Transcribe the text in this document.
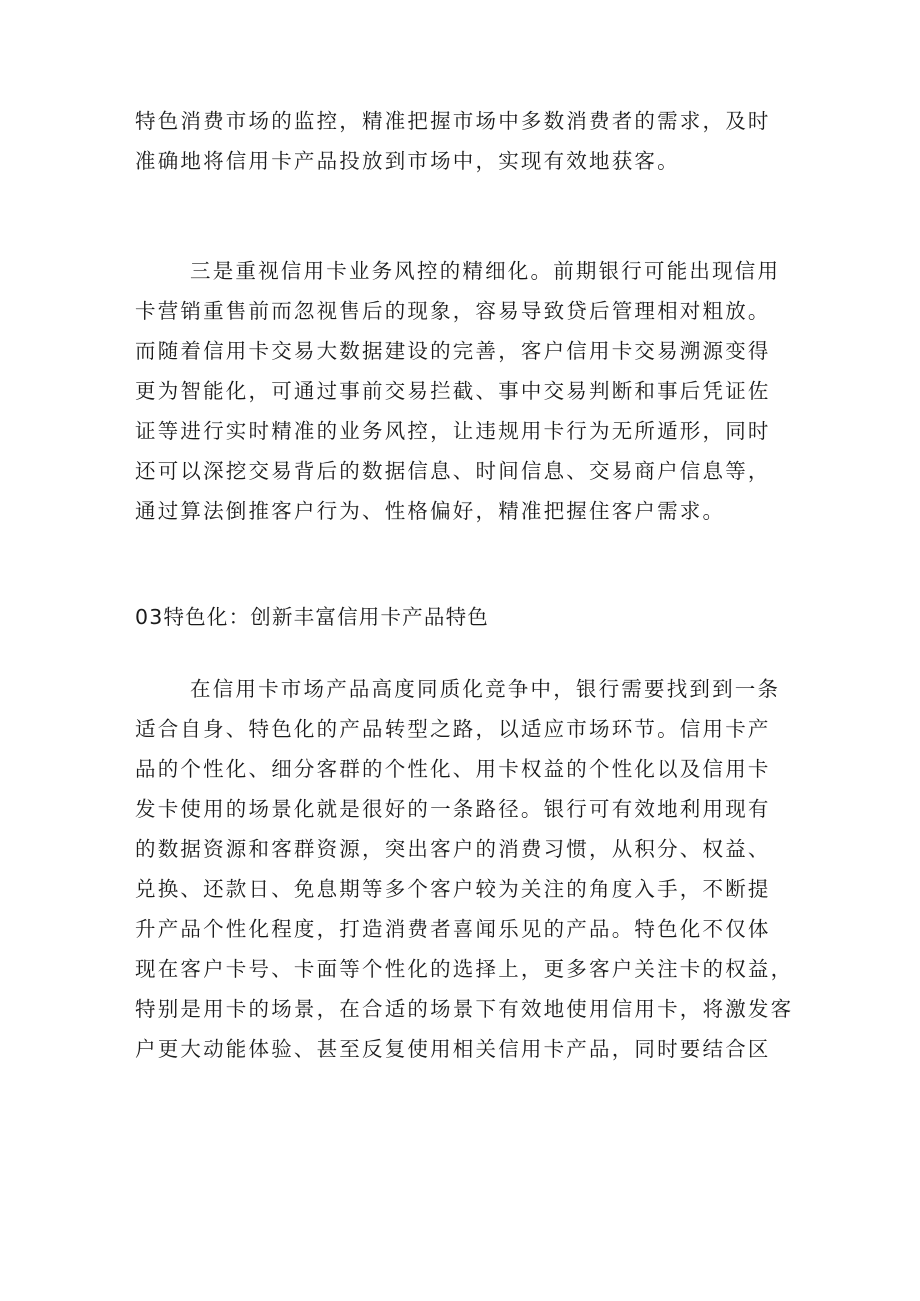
特色消费市场的监控，精准把握市场中多数消费者的需求，及时
准确地将信用卡产品投放到市场中，实现有效地获客。
三是重视信用卡业务风控的精细化。前期银行可能出现信用
卡营销重售前而忽视售后的现象，容易导致贷后管理相对粗放。
而随着信用卡交易大数据建设的完善，客户信用卡交易溯源变得
更为智能化，可通过事前交易拦截、事中交易判断和事后凭证佐
证等进行实时精准的业务风控，让违规用卡行为无所遁形，同时
还可以深挖交易背后的数据信息、时间信息、交易商户信息等，
通过算法倒推客户行为、性格偏好，精准把握住客户需求。
03特色化：创新丰富信用卡产品特色
在信用卡市场产品高度同质化竞争中，银行需要找到到一条
适合自身、特色化的产品转型之路，以适应市场环节。信用卡产
品的个性化、细分客群的个性化、用卡权益的个性化以及信用卡
发卡使用的场景化就是很好的一条路径。银行可有效地利用现有
的数据资源和客群资源，突出客户的消费习惯，从积分、权益、
兑换、还款日、免息期等多个客户较为关注的角度入手，不断提
升产品个性化程度，打造消费者喜闻乐见的产品。特色化不仅体
现在客户卡号、卡面等个性化的选择上，更多客户关注卡的权益，
特别是用卡的场景，在合适的场景下有效地使用信用卡，将激发客
户更大动能体验、甚至反复使用相关信用卡产品，同时要结合区
